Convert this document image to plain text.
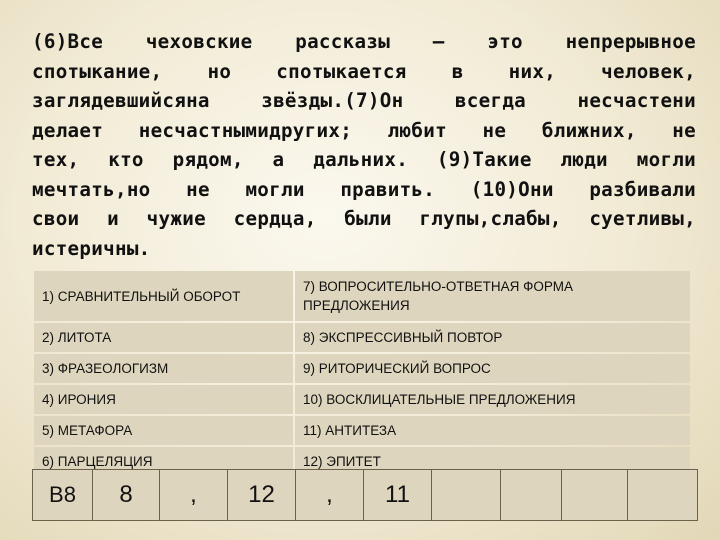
(6)Все чеховские рассказы – это непрерывное
спотыкание, но спотыкается в них, человек,
заглядевшийсяна звёзды.(7)Он всегда несчастени
делает несчастнымидругих; любит не ближних, не
тех, кто рядом, а дальних. (9)Такие люди могли
мечтать,но не могли править. (10)Они разбивали
свои и чужие сердца, были глупы,слабы, суетливы,
истеричны.
1) СРАВНИТЕЛЬНЫЙ ОБОРОТ	7) ВОПРОСИТЕЛЬНО-ОТВЕТНАЯ ФОРМА
ПРЕДЛОЖЕНИЯ

2) ЛИТОТА	8) ЭКСПРЕССИВНЫЙ ПОВТОР
3) ФРАЗЕОЛОГИЗМ	9) РИТОРИЧЕСКИЙ ВОПРОС
4) ИРОНИЯ	10) ВОСКЛИЦАТЕЛЬНЫЕ ПРЕДЛОЖЕНИЯ
5) МЕТАФОРА	11) АНТИТЕЗА
6) ПАРЦЕЛЯЦИЯ	12) ЭПИТЕТ
В8	8	,	12	,	11				
